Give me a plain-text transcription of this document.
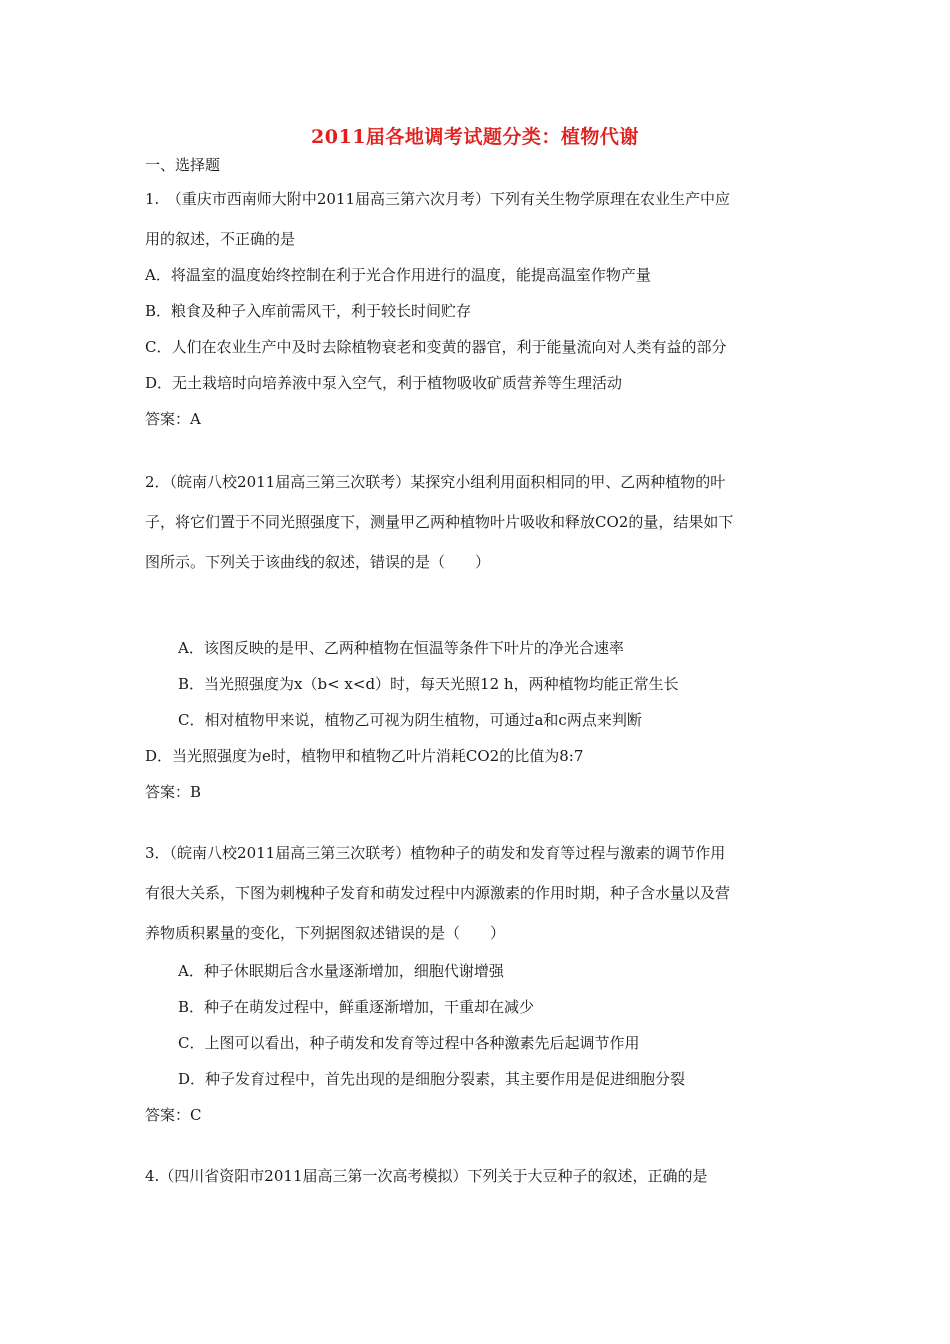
2011届各地调考试题分类：植物代谢
一、选择题
1.　（重庆市西南师大附中2011届高三第六次月考）下列有关生物学原理在农业生产中应
用的叙述，不正确的是
A．将温室的温度始终控制在利于光合作用进行的温度，能提高温室作物产量
B．粮食及种子入库前需风干，利于较长时间贮存
C．人们在农业生产中及时去除植物衰老和变黄的器官，利于能量流向对人类有益的部分
D．无土栽培时向培养液中泵入空气，利于植物吸收矿质营养等生理活动
答案：A
2．（皖南八校2011届高三第三次联考）某探究小组利用面积相同的甲、乙两种植物的叶
子，将它们置于不同光照强度下，测量甲乙两种植物叶片吸收和释放CO2的量，结果如下
图所示。下列关于该曲线的叙述，错误的是（　　）
A．该图反映的是甲、乙两种植物在恒温等条件下叶片的净光合速率
B．当光照强度为x（b< x<d）时，每天光照12 h，两种植物均能正常生长
C．相对植物甲来说，植物乙可视为阴生植物，可通过a和c两点来判断
D．当光照强度为e时，植物甲和植物乙叶片消耗CO2的比值为8:7
答案：B
3．（皖南八校2011届高三第三次联考）植物种子的萌发和发育等过程与激素的调节作用
有很大关系，下图为刺槐种子发育和萌发过程中内源激素的作用时期，种子含水量以及营
养物质积累量的变化，下列据图叙述错误的是（　　）
A．种子休眠期后含水量逐渐增加，细胞代谢增强
B．种子在萌发过程中，鲜重逐渐增加，干重却在减少
C．上图可以看出，种子萌发和发育等过程中各种激素先后起调节作用
D．种子发育过程中，首先出现的是细胞分裂素，其主要作用是促进细胞分裂
答案：C
4.（四川省资阳市2011届高三第一次高考模拟）下列关于大豆种子的叙述，正确的是
